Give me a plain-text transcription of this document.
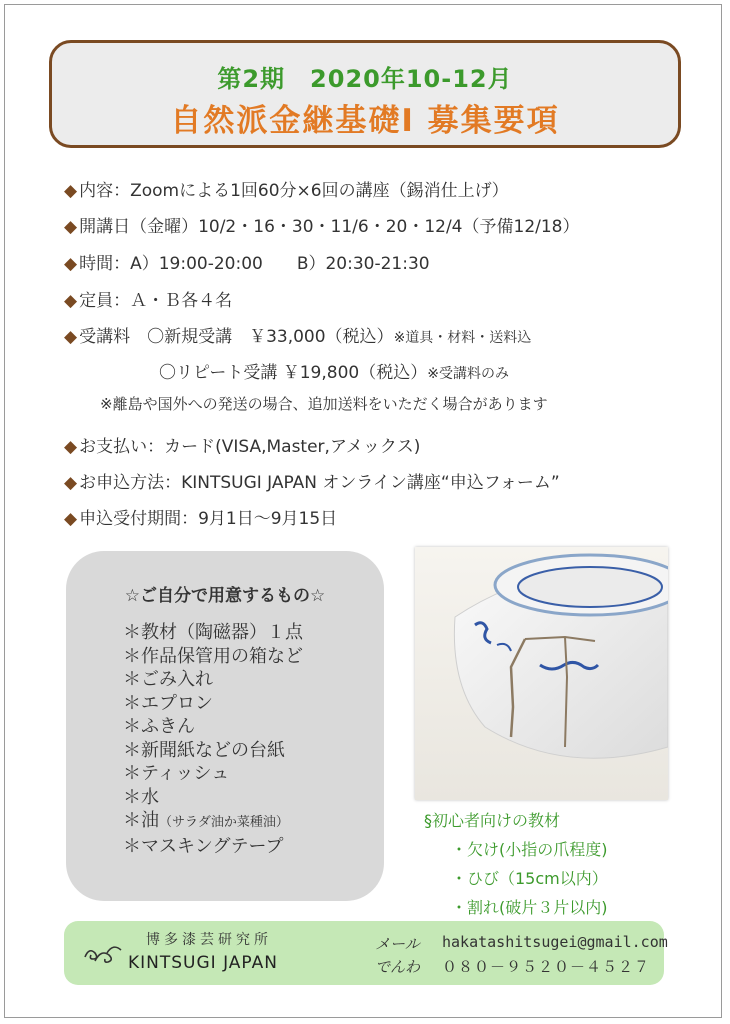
第2期　2020年10-12月
自然派金継基礎Ⅰ 募集要項
◆ 内容：Zoomによる1回60分×6回の講座（錫消仕上げ）
◆ 開講日（金曜）10/2・16・30・11/6・20・12/4（予備12/18）
◆ 時間：A）19:00-20:00　　B）20:30-21:30
◆ 定員：Ａ・Ｂ各４名
◆ 受講料　〇新規受講　￥33,000（税込）※道具・材料・送料込
〇リピート受講 ￥19,800（税込）※受講料のみ
◆ お支払い：カード(VISA,Master,アメックス)
◆ お申込方法：KINTSUGI JAPAN オンライン講座“申込フォーム”
◆ 申込受付期間：9月1日～9月15日
※離島や国外への発送の場合、追加送料をいただく場合があります
☆ご自分で用意するもの☆
＊教材（陶磁器）１点
＊作品保管用の箱など
＊ごみ入れ
＊エプロン
＊ふきん
＊新聞紙などの台紙
＊ティッシュ
＊水
＊油（サラダ油か菜種油）
＊マスキングテープ
§初心者向けの教材
・欠け(小指の爪程度)
・ひび（15cm以内）
・割れ(破片３片以内)
博多漆芸研究所
KINTSUGI JAPAN
メール hakatashitsugei@gmail.com
でんわ ０８０－９５２０－４５２７
